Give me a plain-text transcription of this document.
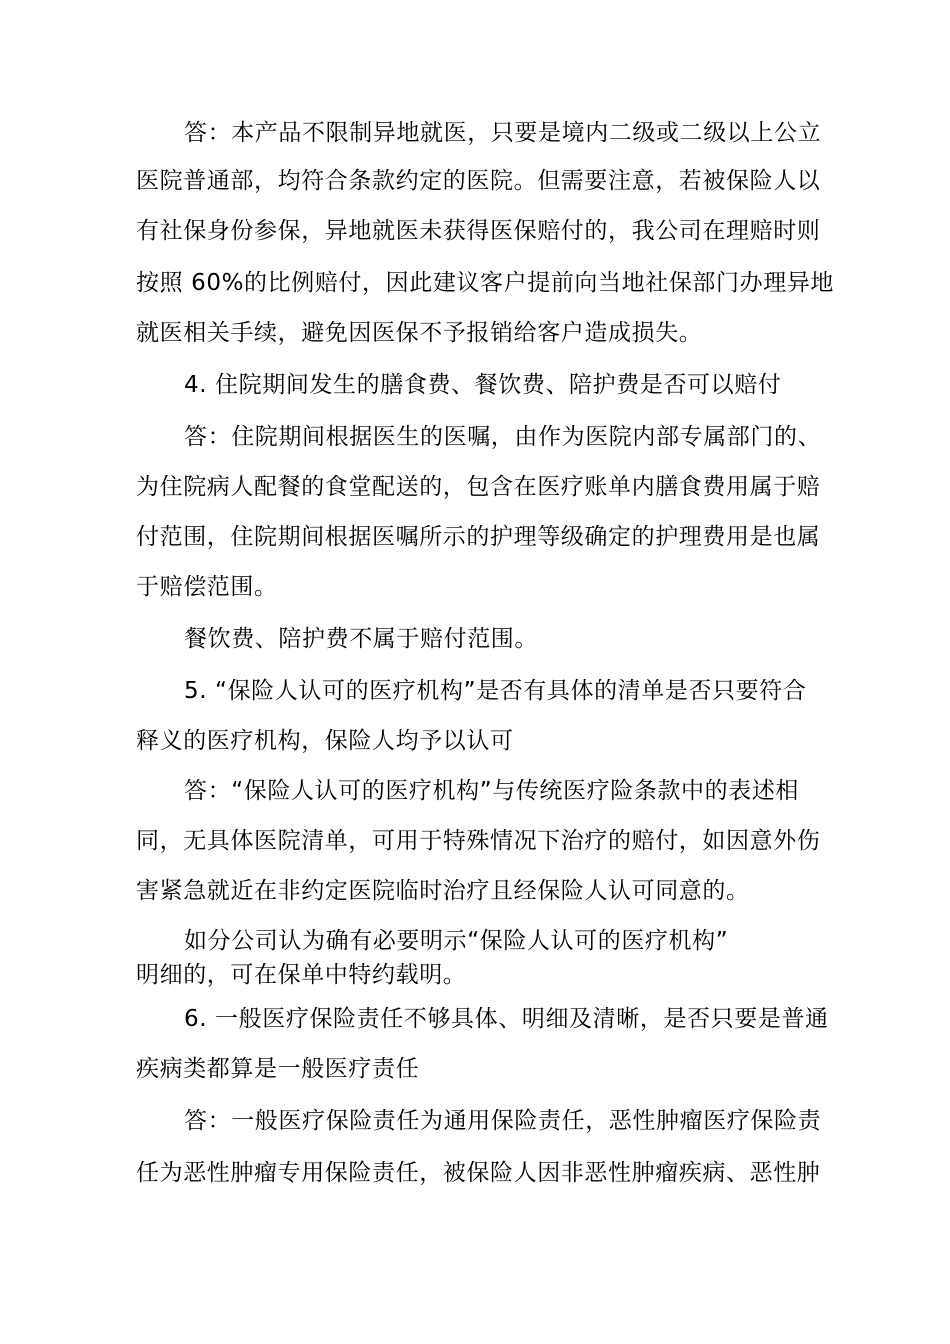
答：本产品不限制异地就医，只要是境内二级或二级以上公立
医院普通部，均符合条款约定的医院。但需要注意，若被保险人以
有社保身份参保，异地就医未获得医保赔付的，我公司在理赔时则
按照 60%的比例赔付，因此建议客户提前向当地社保部门办理异地
就医相关手续，避免因医保不予报销给客户造成损失。
4. 住院期间发生的膳食费、餐饮费、陪护费是否可以赔付
答：住院期间根据医生的医嘱，由作为医院内部专属部门的、
为住院病人配餐的食堂配送的，包含在医疗账单内膳食费用属于赔
付范围，住院期间根据医嘱所示的护理等级确定的护理费用是也属
于赔偿范围。
餐饮费、陪护费不属于赔付范围。
5. “保险人认可的医疗机构”是否有具体的清单是否只要符合
释义的医疗机构，保险人均予以认可
答：“保险人认可的医疗机构”与传统医疗险条款中的表述相
同，无具体医院清单，可用于特殊情况下治疗的赔付，如因意外伤
害紧急就近在非约定医院临时治疗且经保险人认可同意的。
如分公司认为确有必要明示“保险人认可的医疗机构”
明细的，可在保单中特约载明。
6. 一般医疗保险责任不够具体、明细及清晰，是否只要是普通
疾病类都算是一般医疗责任
答：一般医疗保险责任为通用保险责任，恶性肿瘤医疗保险责
任为恶性肿瘤专用保险责任，被保险人因非恶性肿瘤疾病、恶性肿
